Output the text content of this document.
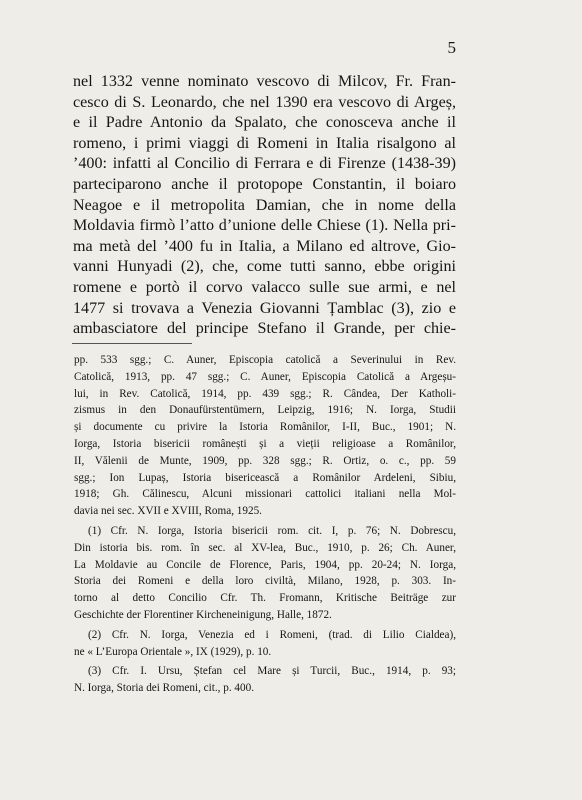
5
nel 1332 venne nominato vescovo di Milcov, Fr. Fran-
cesco di S. Leonardo, che nel 1390 era vescovo di Argeș,
e il Padre Antonio da Spalato, che conosceva anche il
romeno, i primi viaggi di Romeni in Italia risalgono al
’400: infatti al Concilio di Ferrara e di Firenze (1438-39)
parteciparono anche il protopope Constantin, il boiaro
Neagoe e il metropolita Damian, che in nome della
Moldavia firmò l’atto d’unione delle Chiese (1). Nella pri-
ma metà del ’400 fu in Italia, a Milano ed altrove, Gio-
vanni Hunyadi (2), che, come tutti sanno, ebbe origini
romene e portò il corvo valacco sulle sue armi, e nel
1477 si trovava a Venezia Giovanni Țamblac (3), zio e
ambasciatore del principe Stefano il Grande, per chie-
pp. 533 sgg.; C. Auner, Episcopia catolică a Severinului in Rev.
Catolică, 1913, pp. 47 sgg.; C. Auner, Episcopia Catolică a Argeșu-
lui, in Rev. Catolică, 1914, pp. 439 sgg.; R. Cândea, Der Katholi-
zismus in den Donaufürstentümern, Leipzig, 1916; N. Iorga, Studii
și documente cu privire la Istoria Românilor, I-II, Buc., 1901; N.
Iorga, Istoria bisericii românești și a vieții religioase a Românilor,
II, Vălenii de Munte, 1909, pp. 328 sgg.; R. Ortiz, o. c., pp. 59
sgg.; Ion Lupaș, Istoria bisericească a Românilor Ardeleni, Sibiu,
1918; Gh. Călinescu, Alcuni missionari cattolici italiani nella Mol-
davia nei sec. XVII e XVIII, Roma, 1925.
(1) Cfr. N. Iorga, Istoria bisericii rom. cit. I, p. 76; N. Dobrescu,
Din istoria bis. rom. în sec. al XV-lea, Buc., 1910, p. 26; Ch. Auner,
La Moldavie au Concile de Florence, Paris, 1904, pp. 20-24; N. Iorga,
Storia dei Romeni e della loro civiltà, Milano, 1928, p. 303. In-
torno al detto Concilio Cfr. Th. Fromann, Kritische Beiträge zur
Geschichte der Florentiner Kircheneinigung, Halle, 1872.
(2) Cfr. N. Iorga, Venezia ed i Romeni, (trad. di Lilio Cialdea),
ne « L’Europa Orientale », IX (1929), p. 10.
(3) Cfr. I. Ursu, Ștefan cel Mare și Turcii, Buc., 1914, p. 93;
N. Iorga, Storia dei Romeni, cit., p. 400.
